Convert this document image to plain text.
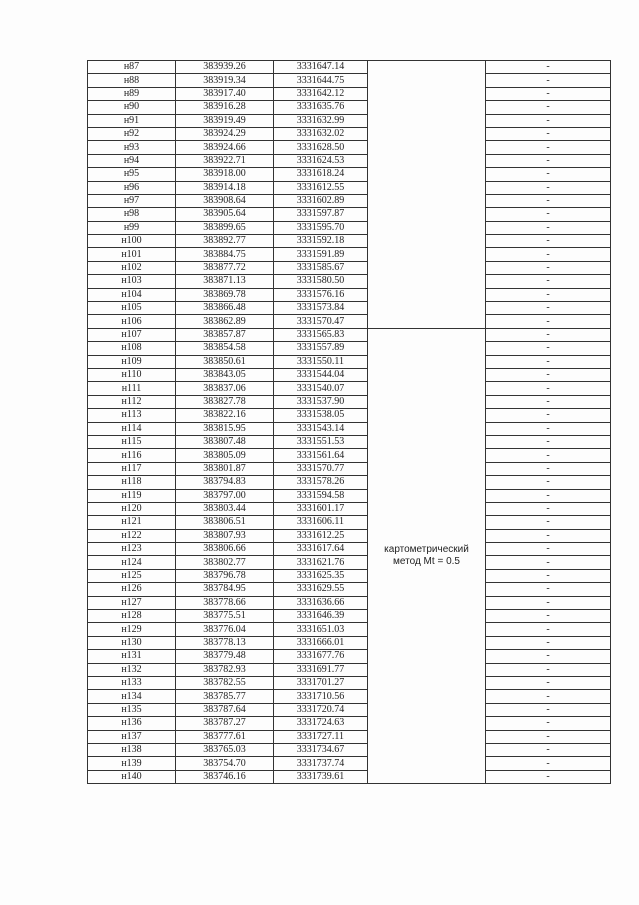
н87	383939.26	3331647.14		-
н88	383919.34	3331644.75		-
н89	383917.40	3331642.12		-
н90	383916.28	3331635.76		-
н91	383919.49	3331632.99		-
н92	383924.29	3331632.02		-
н93	383924.66	3331628.50		-
н94	383922.71	3331624.53		-
н95	383918.00	3331618.24		-
н96	383914.18	3331612.55		-
н97	383908.64	3331602.89		-
н98	383905.64	3331597.87		-
н99	383899.65	3331595.70		-
н100	383892.77	3331592.18		-
н101	383884.75	3331591.89		-
н102	383877.72	3331585.67		-
н103	383871.13	3331580.50		-
н104	383869.78	3331576.16		-
н105	383866.48	3331573.84		-
н106	383862.89	3331570.47		-
н107	383857.87	3331565.83	картометрический
метод Mt = 0.5	-
н108	383854.58	3331557.89		-
н109	383850.61	3331550.11		-
н110	383843.05	3331544.04		-
н111	383837.06	3331540.07		-
н112	383827.78	3331537.90		-
н113	383822.16	3331538.05		-
н114	383815.95	3331543.14		-
н115	383807.48	3331551.53		-
н116	383805.09	3331561.64		-
н117	383801.87	3331570.77		-
н118	383794.83	3331578.26		-
н119	383797.00	3331594.58		-
н120	383803.44	3331601.17		-
н121	383806.51	3331606.11		-
н122	383807.93	3331612.25		-
н123	383806.66	3331617.64		-
н124	383802.77	3331621.76		-
н125	383796.78	3331625.35		-
н126	383784.95	3331629.55		-
н127	383778.66	3331636.66		-
н128	383775.51	3331646.39		-
н129	383776.04	3331651.03		-
н130	383778.13	3331666.01		-
н131	383779.48	3331677.76		-
н132	383782.93	3331691.77		-
н133	383782.55	3331701.27		-
н134	383785.77	3331710.56		-
н135	383787.64	3331720.74		-
н136	383787.27	3331724.63		-
н137	383777.61	3331727.11		-
н138	383765.03	3331734.67		-
н139	383754.70	3331737.74		-
н140	383746.16	3331739.61		-
